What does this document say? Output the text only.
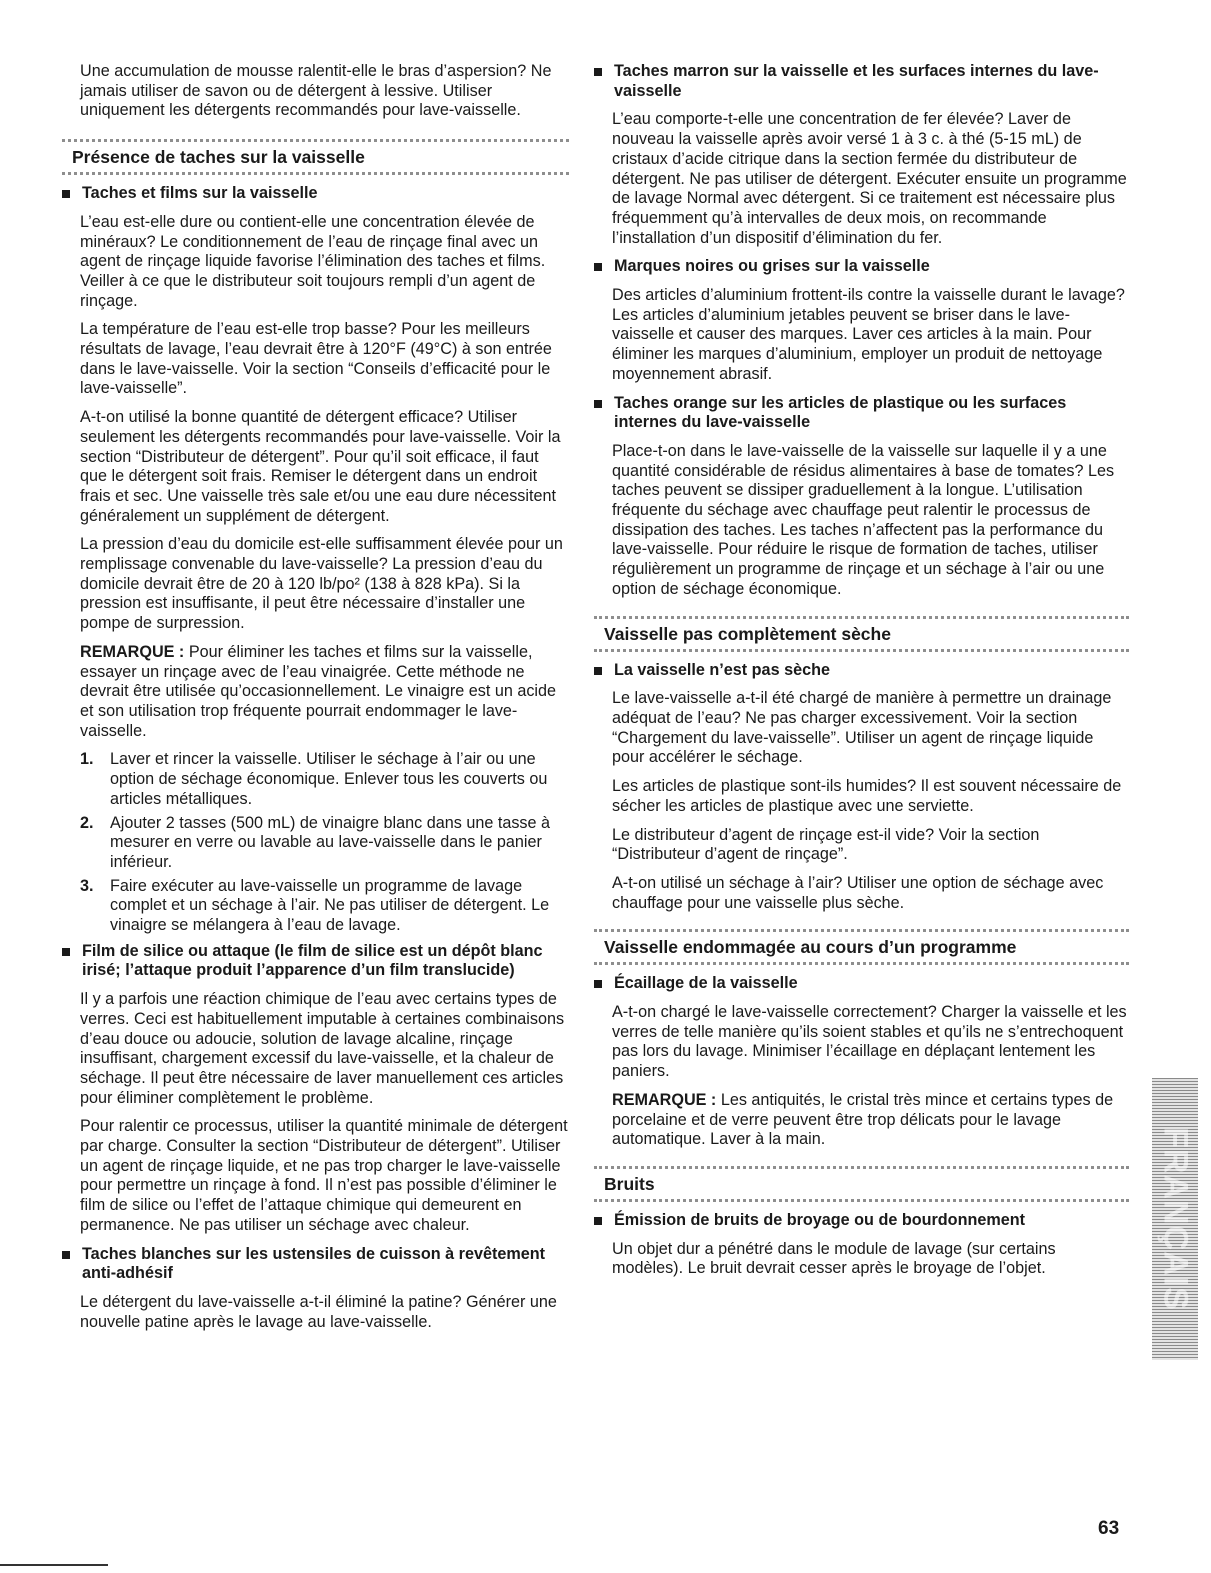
Une accumulation de mousse ralentit-elle le bras d’aspersion? Ne jamais utiliser de savon ou de détergent à lessive. Utiliser uniquement les détergents recommandés pour lave-vaisselle.

Présence de taches sur la vaisselle
Taches et films sur la vaisselle

L’eau est-elle dure ou contient-elle une concentration élevée de minéraux? Le conditionnement de l’eau de rinçage final avec un agent de rinçage liquide favorise l’élimination des taches et films. Veiller à ce que le distributeur soit toujours rempli d’un agent de rinçage.

La température de l’eau est-elle trop basse? Pour les meilleurs résultats de lavage, l’eau devrait être à 120°F (49°C) à son entrée dans le lave-vaisselle. Voir la section “Conseils d’efficacité pour le lave-vaisselle”.

A-t-on utilisé la bonne quantité de détergent efficace? Utiliser seulement les détergents recommandés pour lave-vaisselle. Voir la section “Distributeur de détergent”. Pour qu’il soit efficace, il faut que le détergent soit frais. Remiser le détergent dans un endroit frais et sec. Une vaisselle très sale et/ou une eau dure nécessitent généralement un supplément de détergent.

La pression d’eau du domicile est-elle suffisamment élevée pour un remplissage convenable du lave-vaisselle? La pression d’eau du domicile devrait être de 20 à 120 lb/po² (138 à 828 kPa). Si la pression est insuffisante, il peut être nécessaire d’installer une pompe de surpression.

REMARQUE : Pour éliminer les taches et films sur la vaisselle, essayer un rinçage avec de l’eau vinaigrée. Cette méthode ne devrait être utilisée qu’occasionnellement. Le vinaigre est un acide et son utilisation trop fréquente pourrait endommager le lave-vaisselle.

1. Laver et rincer la vaisselle. Utiliser le séchage à l’air ou une option de séchage économique. Enlever tous les couverts ou articles métalliques.
2. Ajouter 2 tasses (500 mL) de vinaigre blanc dans une tasse à mesurer en verre ou lavable au lave-vaisselle dans le panier inférieur.
3. Faire exécuter au lave-vaisselle un programme de lavage complet et un séchage à l’air. Ne pas utiliser de détergent. Le vinaigre se mélangera à l’eau de lavage.
Film de silice ou attaque (le film de silice est un dépôt blanc irisé; l’attaque produit l’apparence d’un film translucide)

Il y a parfois une réaction chimique de l’eau avec certains types de verres. Ceci est habituellement imputable à certaines combinaisons d’eau douce ou adoucie, solution de lavage alcaline, rinçage insuffisant, chargement excessif du lave-vaisselle, et la chaleur de séchage. Il peut être nécessaire de laver manuellement ces articles pour éliminer complètement le problème.

Pour ralentir ce processus, utiliser la quantité minimale de détergent par charge. Consulter la section “Distributeur de détergent”. Utiliser un agent de rinçage liquide, et ne pas trop charger le lave-vaisselle pour permettre un rinçage à fond. Il n’est pas possible d’éliminer le film de silice ou l’effet de l’attaque chimique qui demeurent en permanence. Ne pas utiliser un séchage avec chaleur.

Taches blanches sur les ustensiles de cuisson à revêtement anti-adhésif

Le détergent du lave-vaisselle a-t-il éliminé la patine? Générer une nouvelle patine après le lavage au lave-vaisselle.

Taches marron sur la vaisselle et les surfaces internes du lave-vaisselle

L’eau comporte-t-elle une concentration de fer élevée? Laver de nouveau la vaisselle après avoir versé 1 à 3 c. à thé (5-15 mL) de cristaux d’acide citrique dans la section fermée du distributeur de détergent. Ne pas utiliser de détergent. Exécuter ensuite un programme de lavage Normal avec détergent. Si ce traitement est nécessaire plus fréquemment qu’à intervalles de deux mois, on recommande l’installation d’un dispositif d’élimination du fer.

Marques noires ou grises sur la vaisselle

Des articles d’aluminium frottent-ils contre la vaisselle durant le lavage? Les articles d’aluminium jetables peuvent se briser dans le lave-vaisselle et causer des marques. Laver ces articles à la main. Pour éliminer les marques d’aluminium, employer un produit de nettoyage moyennement abrasif.

Taches orange sur les articles de plastique ou les surfaces internes du lave-vaisselle

Place-t-on dans le lave-vaisselle de la vaisselle sur laquelle il y a une quantité considérable de résidus alimentaires à base de tomates? Les taches peuvent se dissiper graduellement à la longue. L’utilisation fréquente du séchage avec chauffage peut ralentir le processus de dissipation des taches. Les taches n’affectent pas la performance du lave-vaisselle. Pour réduire le risque de formation de taches, utiliser régulièrement un programme de rinçage et un séchage à l’air ou une option de séchage économique.

Vaisselle pas complètement sèche
La vaisselle n’est pas sèche

Le lave-vaisselle a-t-il été chargé de manière à permettre un drainage adéquat de l’eau? Ne pas charger excessivement. Voir la section “Chargement du lave-vaisselle”. Utiliser un agent de rinçage liquide pour accélérer le séchage.

Les articles de plastique sont-ils humides? Il est souvent nécessaire de sécher les articles de plastique avec une serviette.

Le distributeur d’agent de rinçage est-il vide? Voir la section “Distributeur d’agent de rinçage”.

A-t-on utilisé un séchage à l’air? Utiliser une option de séchage avec chauffage pour une vaisselle plus sèche.

Vaisselle endommagée au cours d’un programme
Écaillage de la vaisselle

A-t-on chargé le lave-vaisselle correctement? Charger la vaisselle et les verres de telle manière qu’ils soient stables et qu’ils ne s’entrechoquent pas lors du lavage. Minimiser l’écaillage en déplaçant lentement les paniers.

REMARQUE : Les antiquités, le cristal très mince et certains types de porcelaine et de verre peuvent être trop délicats pour le lavage automatique. Laver à la main.

Bruits
Émission de bruits de broyage ou de bourdonnement

Un objet dur a pénétré dans le module de lavage (sur certains modèles). Le bruit devrait cesser après le broyage de l’objet.	FRANÇAIS
63
